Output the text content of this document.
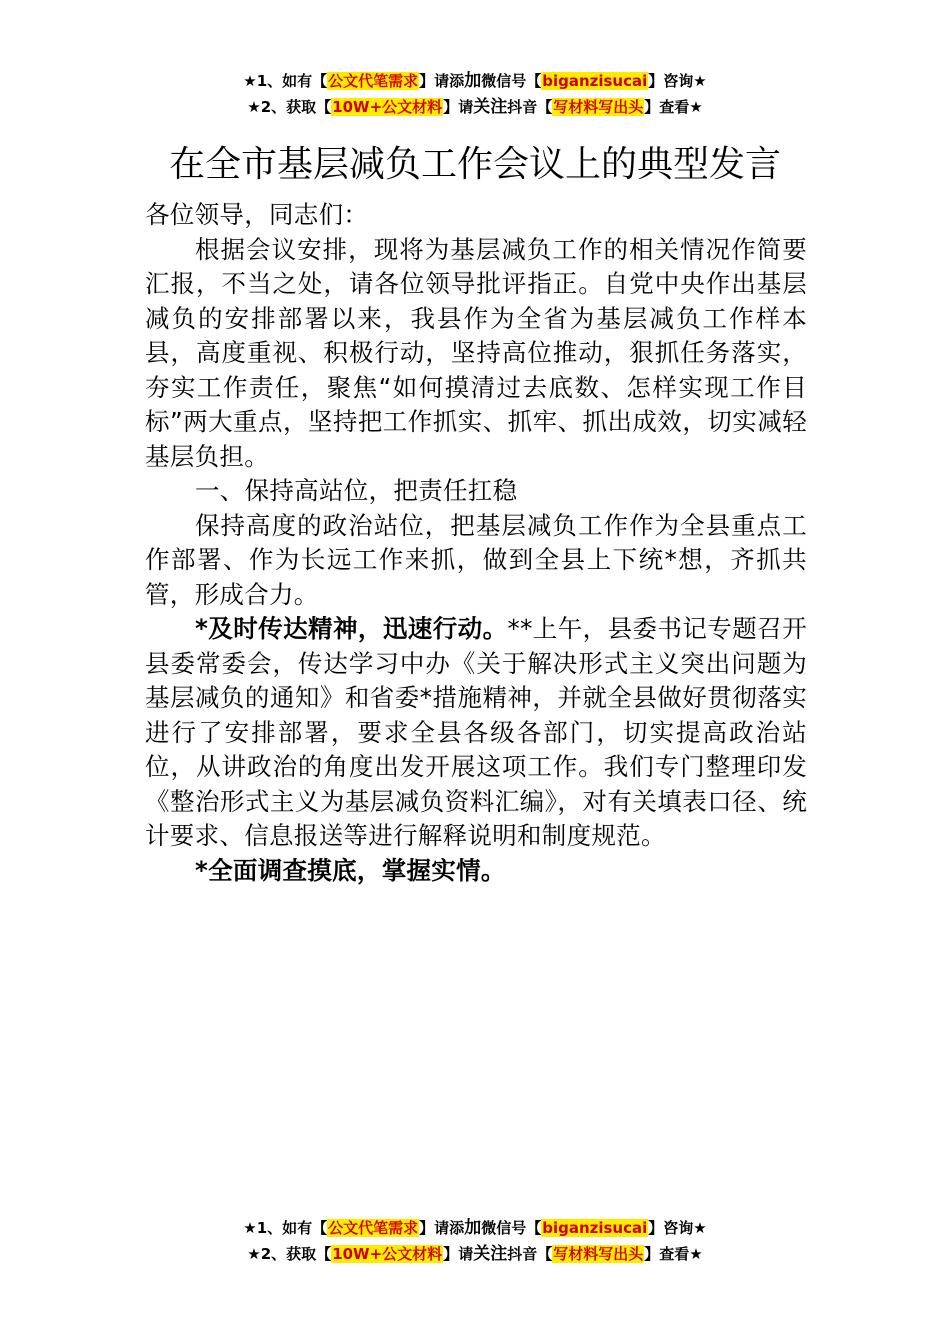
★1、如有【公文代笔需求】请添加微信号【biganzisucai】咨询★
★2、获取【10W+公文材料】请关注抖音【写材料写出头】查看★
在全市基层减负工作会议上的典型发言

各位领导，同志们：

根据会议安排，现将为基层减负工作的相关情况作简要汇报，不当之处，请各位领导批评指正。自党中央作出基层减负的安排部署以来，我县作为全省为基层减负工作样本县，高度重视、积极行动，坚持高位推动，狠抓任务落实，夯实工作责任，聚焦“如何摸清过去底数、怎样实现工作目标”两大重点，坚持把工作抓实、抓牢、抓出成效，切实减轻基层负担。

一、保持高站位，把责任扛稳

保持高度的政治站位，把基层减负工作作为全县重点工作部署、作为长远工作来抓，做到全县上下统*想，齐抓共管，形成合力。

*及时传达精神，迅速行动。**上午，县委书记专题召开县委常委会，传达学习中办《关于解决形式主义突出问题为基层减负的通知》和省委*措施精神，并就全县做好贯彻落实进行了安排部署，要求全县各级各部门，切实提高政治站位，从讲政治的角度出发开展这项工作。我们专门整理印发《整治形式主义为基层减负资料汇编》，对有关填表口径、统计要求、信息报送等进行解释说明和制度规范。

*全面调查摸底，掌握实情。

★1、如有【公文代笔需求】请添加微信号【biganzisucai】咨询★
★2、获取【10W+公文材料】请关注抖音【写材料写出头】查看★
